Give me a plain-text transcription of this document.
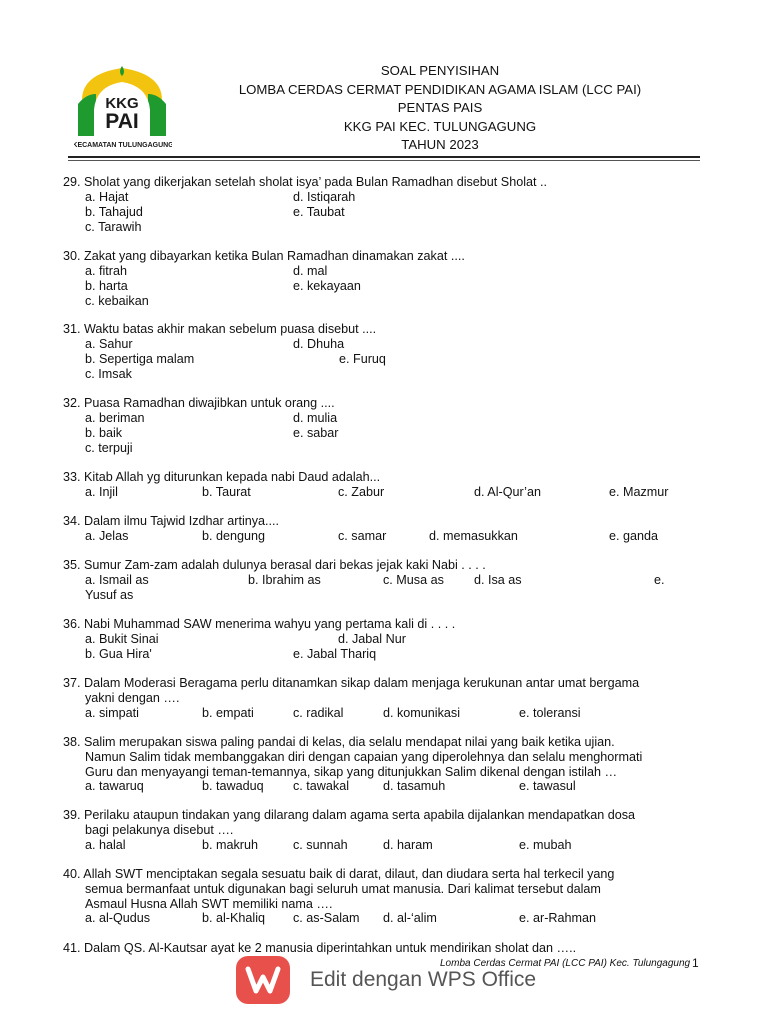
KKG
PAI
KECAMATAN TULUNGAGUNG
SOAL PENYISIHAN
LOMBA CERDAS CERMAT PENDIDIKAN AGAMA ISLAM (LCC PAI)
PENTAS PAIS
KKG PAI KEC. TULUNGAGUNG
TAHUN 2023
29. Sholat yang dikerjakan setelah sholat isya’ pada Bulan Ramadhan disebut Sholat ..
a. Hajat	d. Istiqarah
b. Tahajud	e. Taubat
c. Tarawih
30. Zakat yang dibayarkan ketika Bulan Ramadhan dinamakan zakat ....
a. fitrah	d. mal
b. harta	e. kekayaan
c. kebaikan
31. Waktu batas akhir makan sebelum puasa disebut ....
a. Sahur	d. Dhuha
b. Sepertiga malam	e. Furuq
c. Imsak
32. Puasa Ramadhan diwajibkan untuk orang ....
a. beriman	d. mulia
b. baik	e. sabar
c. terpuji
33. Kitab Allah yg diturunkan kepada nabi Daud adalah...
a. Injil	b. Taurat	c. Zabur	d. Al-Qur’an	e. Mazmur
34. Dalam ilmu Tajwid Izdhar artinya....
a. Jelas	b. dengung	c. samar	d. memasukkan	e. ganda
35. Sumur Zam-zam adalah dulunya berasal dari bekas jejak kaki Nabi . . . .
a. Ismail as	b. Ibrahim as	c. Musa as d. Isa as	e.
Yusuf as
36. Nabi Muhammad SAW menerima wahyu yang pertama kali di . . . .
a. Bukit Sinai	d. Jabal Nur
b. Gua Hira'	e. Jabal Thariq
37. Dalam Moderasi Beragama perlu ditanamkan sikap dalam menjaga kerukunan antar umat bergama
yakni dengan ….
a. simpati	b. empati	c. radikal	d. komunikasi	e. toleransi
38. Salim merupakan siswa paling pandai di kelas, dia selalu mendapat nilai yang baik ketika ujian.
Namun Salim tidak membanggakan diri dengan capaian yang diperolehnya dan selalu menghormati
Guru dan menyayangi teman-temannya, sikap yang ditunjukkan Salim dikenal dengan istilah …
a. tawaruq	b. tawaduq c. tawakal	d. tasamuh	e. tawasul
39. Perilaku ataupun tindakan yang dilarang dalam agama serta apabila dijalankan mendapatkan dosa
bagi pelakunya disebut ….
a. halal	b. makruh	c. sunnah	d. haram	e. mubah
40. Allah SWT menciptakan segala sesuatu baik di darat, dilaut, dan diudara serta hal terkecil yang
semua bermanfaat untuk digunakan bagi seluruh umat manusia. Dari kalimat tersebut dalam
Asmaul Husna Allah SWT memiliki nama ….
a. al-Qudus	b. al-Khaliq c. as-Salam d. al-‘alim	e. ar-Rahman
41. Dalam QS. Al-Kautsar ayat ke 2 manusia diperintahkan untuk mendirikan sholat dan …..
Lomba Cerdas Cermat PAI (LCC PAI) Kec. Tulungagung 1
Edit dengan WPS Office
